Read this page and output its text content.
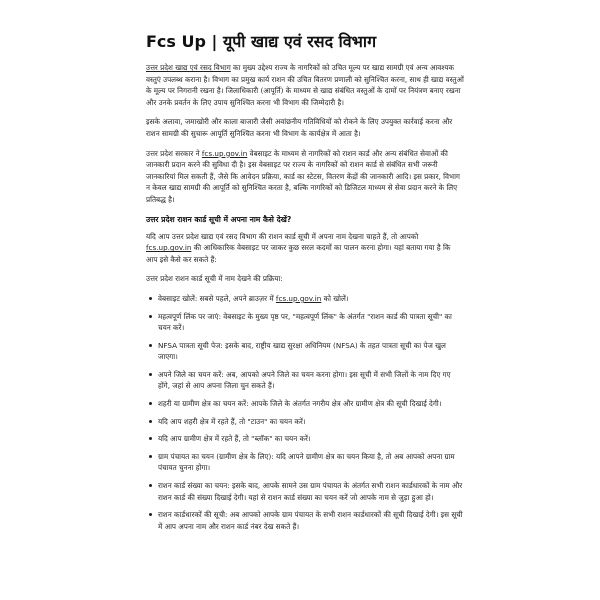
Fcs Up | यूपी खाद्य एवं रसद विभाग

उत्तर प्रदेश खाद्य एवं रसद विभाग का मुख्य उद्देश्य राज्य के नागरिकों को उचित मूल्य पर खाद्य सामग्री एवं अन्य आवश्यक वस्तुएं उपलब्ध कराना है। विभाग का प्रमुख कार्य राशन की उचित वितरण प्रणाली को सुनिश्चित करना, साथ ही खाद्य वस्तुओं के मूल्य पर निगरानी रखना है। जिलाधिकारी (आपूर्ति) के माध्यम से खाद्य संबंधित वस्तुओं के दामों पर नियंत्रण बनाए रखना और उनके प्रवर्तन के लिए उपाय सुनिश्चित करना भी विभाग की जिम्मेदारी है।

इसके अलावा, जमाखोरी और काला बाजारी जैसी अवांछनीय गतिविधियों को रोकने के लिए उपयुक्त कार्रवाई करना और राशन सामग्री की सुचारू आपूर्ति सुनिश्चित करना भी विभाग के कार्यक्षेत्र में आता है।

उत्तर प्रदेश सरकार ने fcs.up.gov.in वेबसाइट के माध्यम से नागरिकों को राशन कार्ड और अन्य संबंधित सेवाओं की जानकारी प्रदान करने की सुविधा दी है। इस वेबसाइट पर राज्य के नागरिकों को राशन कार्ड से संबंधित सभी जरूरी जानकारियां मिल सकती हैं, जैसे कि आवेदन प्रक्रिया, कार्ड का स्टेटस, वितरण केंद्रों की जानकारी आदि। इस प्रकार, विभाग न केवल खाद्य सामग्री की आपूर्ति को सुनिश्चित करता है, बल्कि नागरिकों को डिजिटल माध्यम से सेवा प्रदान करने के लिए प्रतिबद्ध है।

उत्तर प्रदेश राशन कार्ड सूची में अपना नाम कैसे देखें?

यदि आप उत्तर प्रदेश खाद्य एवं रसद विभाग की राशन कार्ड सूची में अपना नाम देखना चाहते हैं, तो आपको fcs.up.gov.in की आधिकारिक वेबसाइट पर जाकर कुछ सरल कदमों का पालन करना होगा। यहां बताया गया है कि आप इसे कैसे कर सकते हैं:

उत्तर प्रदेश राशन कार्ड सूची में नाम देखने की प्रक्रिया:

वेबसाइट खोलें: सबसे पहले, अपने ब्राउज़र में fcs.up.gov.in को खोलें।
महत्वपूर्ण लिंक पर जाएं: वेबसाइट के मुख्य पृष्ठ पर, "महत्वपूर्ण लिंक" के अंतर्गत "राशन कार्ड की पात्रता सूची" का चयन करें।
NFSA पात्रता सूची पेज: इसके बाद, राष्ट्रीय खाद्य सुरक्षा अधिनियम (NFSA) के तहत पात्रता सूची का पेज खुल जाएगा।
अपने जिले का चयन करें: अब, आपको अपने जिले का चयन करना होगा। इस सूची में सभी जिलों के नाम दिए गए होंगे, जहां से आप अपना जिला चुन सकते हैं।
शहरी या ग्रामीण क्षेत्र का चयन करें: आपके जिले के अंतर्गत नगरीय क्षेत्र और ग्रामीण क्षेत्र की सूची दिखाई देगी।
यदि आप शहरी क्षेत्र में रहते हैं, तो "टाउन" का चयन करें।
यदि आप ग्रामीण क्षेत्र में रहते हैं, तो "ब्लॉक" का चयन करें।
ग्राम पंचायत का चयन (ग्रामीण क्षेत्र के लिए): यदि आपने ग्रामीण क्षेत्र का चयन किया है, तो अब आपको अपना ग्राम पंचायत चुनना होगा।
राशन कार्ड संख्या का चयन: इसके बाद, आपके सामने उस ग्राम पंचायत के अंतर्गत सभी राशन कार्डधारकों के नाम और राशन कार्ड की संख्या दिखाई देगी। यहां से राशन कार्ड संख्या का चयन करें जो आपके नाम से जुड़ा हुआ हो।
राशन कार्डधारकों की सूची: अब आपको आपके ग्राम पंचायत के सभी राशन कार्डधारकों की सूची दिखाई देगी। इस सूची में आप अपना नाम और राशन कार्ड नंबर देख सकते हैं।
